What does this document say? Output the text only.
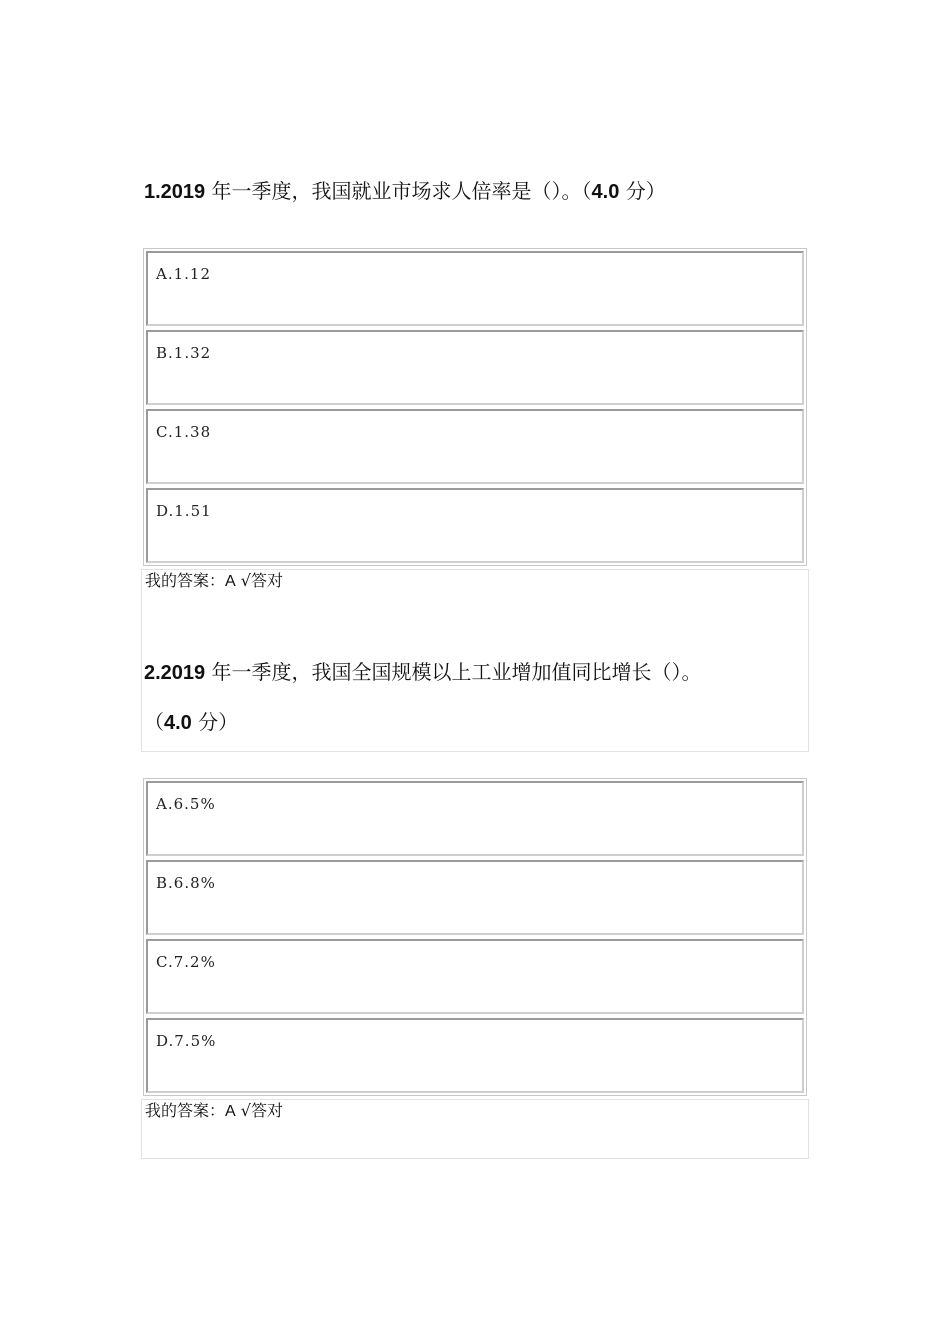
1.2019 年一季度，我国就业市场求人倍率是（）。（4.0 分）
A.1.12
B.1.32
C.1.38
D.1.51
我的答案：A √答对
2.2019 年一季度，我国全国规模以上工业增加值同比增长（）。
（4.0 分）
A.6.5%
B.6.8%
C.7.2%
D.7.5%
我的答案：A √答对
